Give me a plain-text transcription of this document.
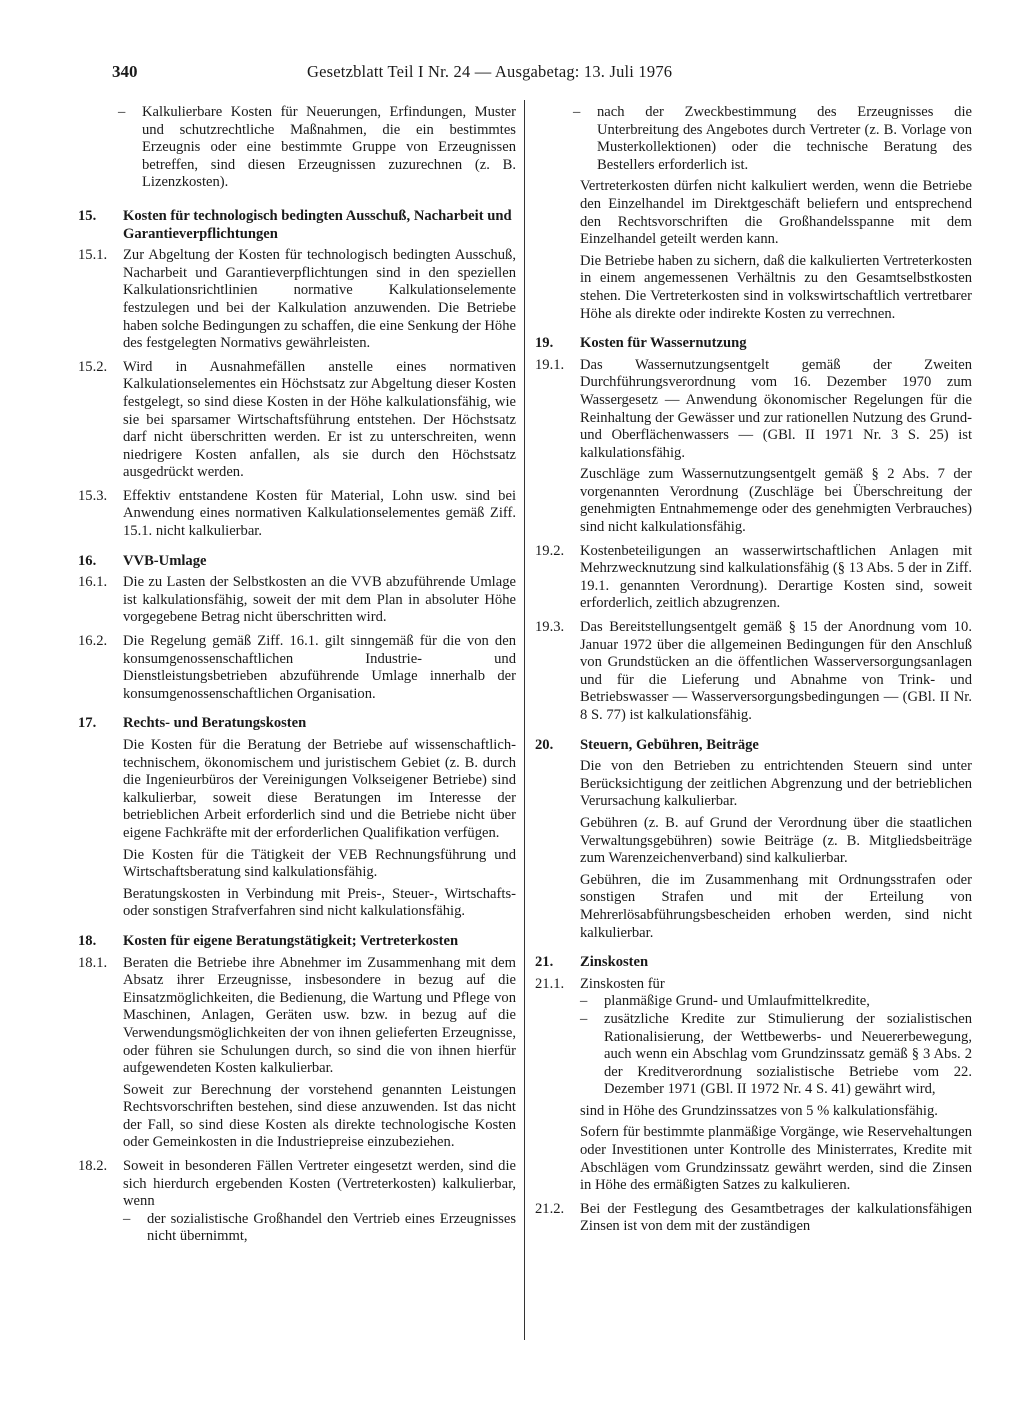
340	Gesetzblatt Teil I Nr. 24 — Ausgabetag: 13. Juli 1976
–	Kalkulierbare Kosten für Neuerungen, Erfindungen, Muster und schutzrechtliche Maßnahmen, die ein bestimmtes Erzeugnis oder eine bestimmte Gruppe von Erzeugnissen betreffen, sind diesen Erzeugnissen zuzurechnen (z. B. Lizenzkosten).
15.	Kosten für technologisch bedingten Ausschuß, Nacharbeit und Garantieverpflichtungen
15.1.	Zur Abgeltung der Kosten für technologisch bedingten Ausschuß, Nacharbeit und Garantieverpflichtungen sind in den speziellen Kalkulationsrichtlinien normative Kalkulationselemente festzulegen und bei der Kalkulation anzuwenden. Die Betriebe haben solche Bedingungen zu schaffen, die eine Senkung der Höhe des festgelegten Normativs gewährleisten.
15.2.	Wird in Ausnahmefällen anstelle eines normativen Kalkulationselementes ein Höchstsatz zur Abgeltung dieser Kosten festgelegt, so sind diese Kosten in der Höhe kalkulationsfähig, wie sie bei sparsamer Wirtschaftsführung entstehen. Der Höchstsatz darf nicht überschritten werden. Er ist zu unterschreiten, wenn niedrigere Kosten anfallen, als sie durch den Höchstsatz ausgedrückt werden.
15.3.	Effektiv entstandene Kosten für Material, Lohn usw. sind bei Anwendung eines normativen Kalkulationselementes gemäß Ziff. 15.1. nicht kalkulierbar.
16.	VVB-Umlage
16.1.	Die zu Lasten der Selbstkosten an die VVB abzuführende Umlage ist kalkulationsfähig, soweit der mit dem Plan in absoluter Höhe vorgegebene Betrag nicht überschritten wird.
16.2.	Die Regelung gemäß Ziff. 16.1. gilt sinngemäß für die von den konsumgenossenschaftlichen Industrie- und Dienstleistungsbetrieben abzuführende Umlage innerhalb der konsumgenossenschaftlichen Organisation.
17.	Rechts- und Beratungskosten
Die Kosten für die Beratung der Betriebe auf wissenschaftlich-technischem, ökonomischem und juristischem Gebiet (z. B. durch die Ingenieurbüros der Vereinigungen Volkseigener Betriebe) sind kalkulierbar, soweit diese Beratungen im Interesse der betrieblichen Arbeit erforderlich sind und die Betriebe nicht über eigene Fachkräfte mit der erforderlichen Qualifikation verfügen.
Die Kosten für die Tätigkeit der VEB Rechnungsführung und Wirtschaftsberatung sind kalkulationsfähig.
Beratungskosten in Verbindung mit Preis-, Steuer-, Wirtschafts- oder sonstigen Strafverfahren sind nicht kalkulationsfähig.
18.	Kosten für eigene Beratungstätigkeit; Vertreterkosten
18.1.	Beraten die Betriebe ihre Abnehmer im Zusammenhang mit dem Absatz ihrer Erzeugnisse, insbesondere in bezug auf die Einsatzmöglichkeiten, die Bedienung, die Wartung und Pflege von Maschinen, Anlagen, Geräten usw. bzw. in bezug auf die Verwendungsmöglichkeiten der von ihnen gelieferten Erzeugnisse, oder führen sie Schulungen durch, so sind die von ihnen hierfür aufgewendeten Kosten kalkulierbar.
Soweit zur Berechnung der vorstehend genannten Leistungen Rechtsvorschriften bestehen, sind diese anzuwenden. Ist das nicht der Fall, so sind diese Kosten als direkte technologische Kosten oder Gemeinkosten in die Industriepreise einzubeziehen.
18.2.	Soweit in besonderen Fällen Vertreter eingesetzt werden, sind die sich hierdurch ergebenden Kosten (Vertreterkosten) kalkulierbar, wenn
–	der sozialistische Großhandel den Vertrieb eines Erzeugnisses nicht übernimmt,
–	nach der Zweckbestimmung des Erzeugnisses die Unterbreitung des Angebotes durch Vertreter (z. B. Vorlage von Musterkollektionen) oder die technische Beratung des Bestellers erforderlich ist.
Vertreterkosten dürfen nicht kalkuliert werden, wenn die Betriebe den Einzelhandel im Direktgeschäft beliefern und entsprechend den Rechtsvorschriften die Großhandelsspanne mit dem Einzelhandel geteilt werden kann.
Die Betriebe haben zu sichern, daß die kalkulierten Vertreterkosten in einem angemessenen Verhältnis zu den Gesamtselbstkosten stehen. Die Vertreterkosten sind in volkswirtschaftlich vertretbarer Höhe als direkte oder indirekte Kosten zu verrechnen.
19.	Kosten für Wassernutzung
19.1.	Das Wassernutzungsentgelt gemäß der Zweiten Durchführungsverordnung vom 16. Dezember 1970 zum Wassergesetz — Anwendung ökonomischer Regelungen für die Reinhaltung der Gewässer und zur rationellen Nutzung des Grund- und Oberflächenwassers — (GBl. II 1971 Nr. 3 S. 25) ist kalkulationsfähig.
Zuschläge zum Wassernutzungsentgelt gemäß § 2 Abs. 7 der vorgenannten Verordnung (Zuschläge bei Überschreitung der genehmigten Entnahmemenge oder des genehmigten Verbrauches) sind nicht kalkulationsfähig.
19.2.	Kostenbeteiligungen an wasserwirtschaftlichen Anlagen mit Mehrzwecknutzung sind kalkulationsfähig (§ 13 Abs. 5 der in Ziff. 19.1. genannten Verordnung). Derartige Kosten sind, soweit erforderlich, zeitlich abzugrenzen.
19.3.	Das Bereitstellungsentgelt gemäß § 15 der Anordnung vom 10. Januar 1972 über die allgemeinen Bedingungen für den Anschluß von Grundstücken an die öffentlichen Wasserversorgungsanlagen und für die Lieferung und Abnahme von Trink- und Betriebswasser — Wasserversorgungsbedingungen — (GBl. II Nr. 8 S. 77) ist kalkulationsfähig.
20.	Steuern, Gebühren, Beiträge
Die von den Betrieben zu entrichtenden Steuern sind unter Berücksichtigung der zeitlichen Abgrenzung und der betrieblichen Verursachung kalkulierbar.
Gebühren (z. B. auf Grund der Verordnung über die staatlichen Verwaltungsgebühren) sowie Beiträge (z. B. Mitgliedsbeiträge zum Warenzeichenverband) sind kalkulierbar.
Gebühren, die im Zusammenhang mit Ordnungsstrafen oder sonstigen Strafen und mit der Erteilung von Mehrerlösabführungsbescheiden erhoben werden, sind nicht kalkulierbar.
21.	Zinskosten
21.1.	Zinskosten für
–	planmäßige Grund- und Umlaufmittelkredite,
–	zusätzliche Kredite zur Stimulierung der sozialistischen Rationalisierung, der Wettbewerbs- und Neuererbewegung, auch wenn ein Abschlag vom Grundzinssatz gemäß § 3 Abs. 2 der Kreditverordnung sozialistische Betriebe vom 22. Dezember 1971 (GBl. II 1972 Nr. 4 S. 41) gewährt wird,
sind in Höhe des Grundzinssatzes von 5 % kalkulationsfähig.
Sofern für bestimmte planmäßige Vorgänge, wie Reservehaltungen oder Investitionen unter Kontrolle des Ministerrates, Kredite mit Abschlägen vom Grundzinssatz gewährt werden, sind die Zinsen in Höhe des ermäßigten Satzes zu kalkulieren.
21.2.	Bei der Festlegung des Gesamtbetrages der kalkulationsfähigen Zinsen ist von dem mit der zuständigen
